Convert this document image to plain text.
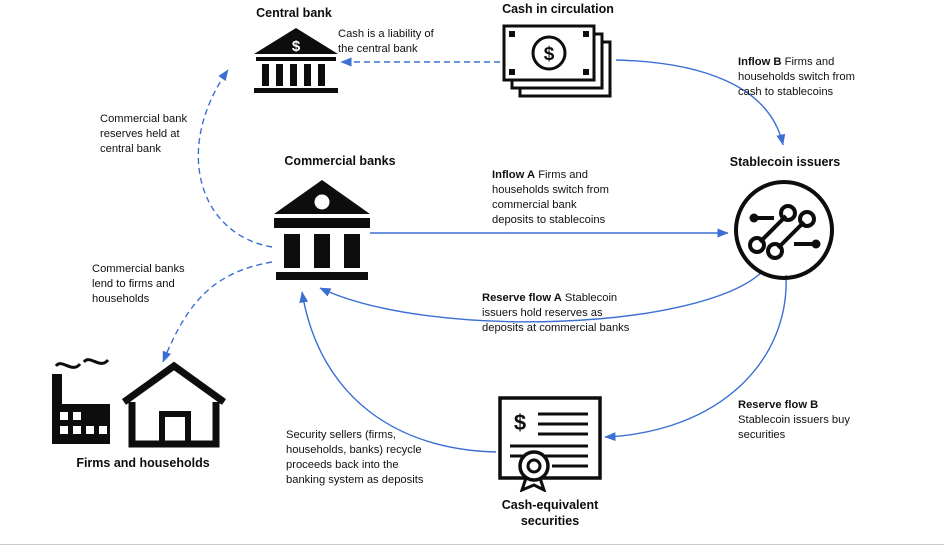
Central bank
$
Cash in circulation
$
Commercial banks	Stablecoin issuers
Firms and households
$
Cash-equivalent
securities
Cash is a liability of
the central bank
Inflow B Firms and
households switch from
cash to stablecoins
Commercial bank
reserves held at
central bank
Inflow A Firms and
households switch from
commercial bank
deposits to stablecoins
Commercial banks
lend to firms and
households	Reserve flow A Stablecoin
issuers hold reserves as
deposits at commercial banks
Reserve flow B
Stablecoin issuers buy
securities
Security sellers (firms,
households, banks) recycle
proceeds back into the
banking system as deposits
